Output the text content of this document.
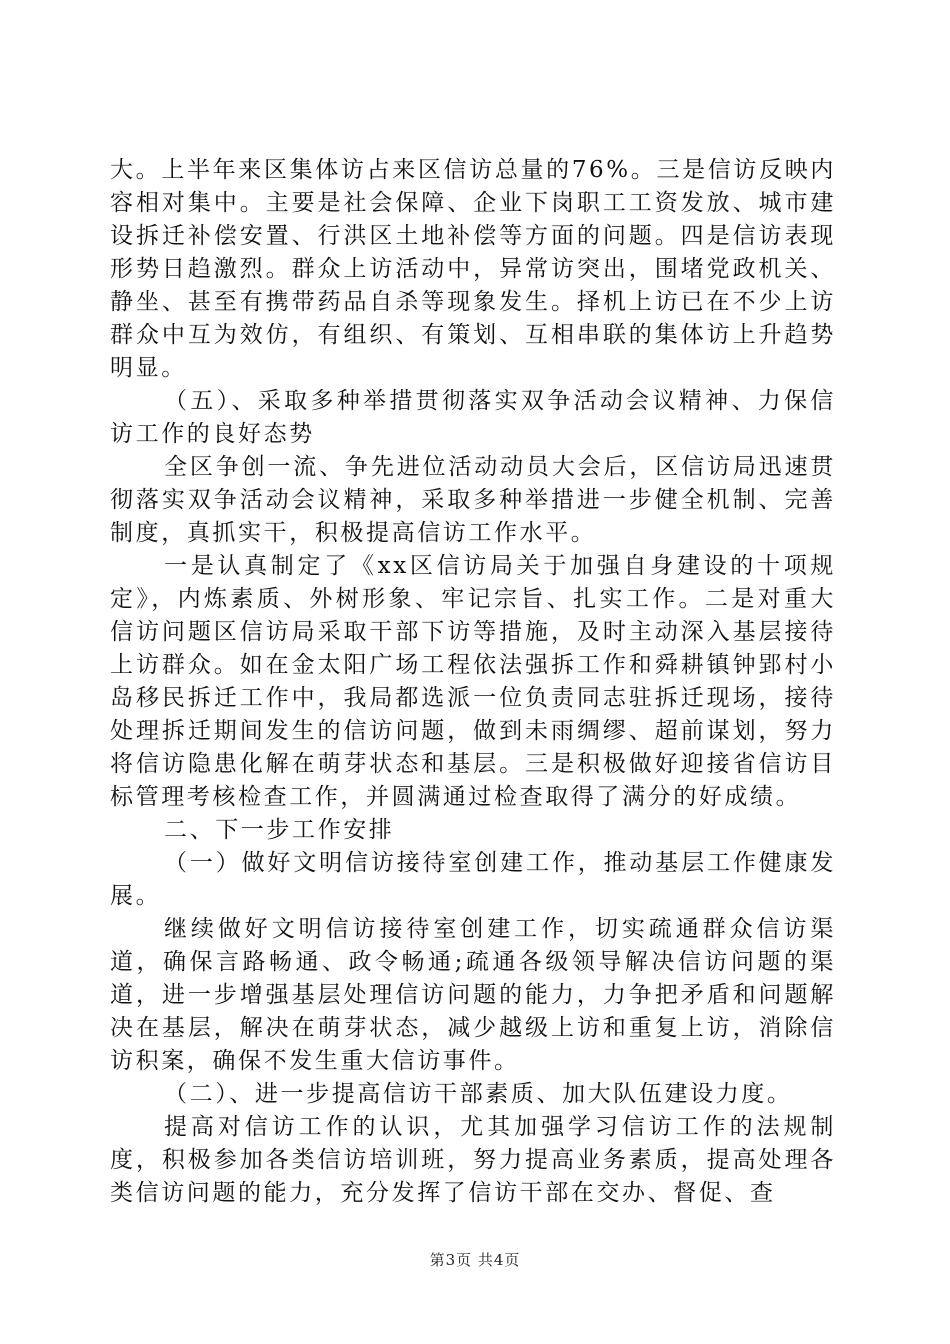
大。上半年来区集体访占来区信访总量的76%。三是信访反映内容相对集中。主要是社会保障、企业下岗职工工资发放、城市建设拆迁补偿安置、行洪区土地补偿等方面的问题。四是信访表现形势日趋激烈。群众上访活动中，异常访突出，围堵党政机关、静坐、甚至有携带药品自杀等现象发生。择机上访已在不少上访群众中互为效仿，有组织、有策划、互相串联的集体访上升趋势明显。

（五）、采取多种举措贯彻落实双争活动会议精神、力保信访工作的良好态势

全区争创一流、争先进位活动动员大会后，区信访局迅速贯彻落实双争活动会议精神，采取多种举措进一步健全机制、完善制度，真抓实干，积极提高信访工作水平。

一是认真制定了《xx区信访局关于加强自身建设的十项规定》，内炼素质、外树形象、牢记宗旨、扎实工作。二是对重大信访问题区信访局采取干部下访等措施，及时主动深入基层接待上访群众。如在金太阳广场工程依法强拆工作和舜耕镇钟郢村小岛移民拆迁工作中，我局都选派一位负责同志驻拆迁现场，接待处理拆迁期间发生的信访问题，做到未雨绸缪、超前谋划，努力将信访隐患化解在萌芽状态和基层。三是积极做好迎接省信访目标管理考核检查工作，并圆满通过检查取得了满分的好成绩。

二、下一步工作安排

（一）做好文明信访接待室创建工作，推动基层工作健康发展。

继续做好文明信访接待室创建工作，切实疏通群众信访渠道，确保言路畅通、政令畅通;疏通各级领导解决信访问题的渠道，进一步增强基层处理信访问题的能力，力争把矛盾和问题解决在基层，解决在萌芽状态，减少越级上访和重复上访，消除信访积案，确保不发生重大信访事件。

（二）、进一步提高信访干部素质、加大队伍建设力度。

提高对信访工作的认识，尤其加强学习信访工作的法规制度，积极参加各类信访培训班，努力提高业务素质，提高处理各类信访问题的能力，充分发挥了信访干部在交办、督促、查

第3页 共4页
